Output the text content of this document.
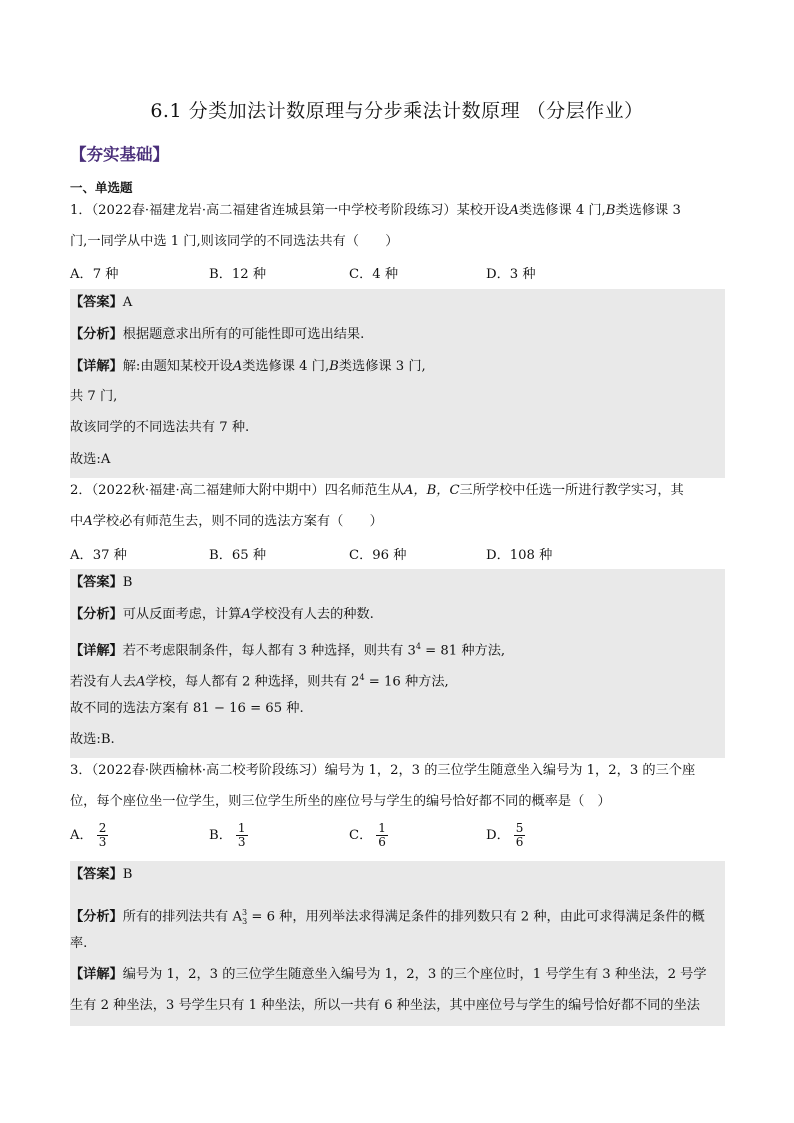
6.1 分类加法计数原理与分步乘法计数原理 （分层作业）
【夯实基础】
一、单选题
1．（2022春·福建龙岩·高二福建省连城县第一中学校考阶段练习）某校开设A类选修课 4 门,B类选修课 3
门,一同学从中选 1 门,则该同学的不同选法共有（　　）
A．7 种	B．12 种	C．4 种	D．3 种
【答案】A
【分析】根据题意求出所有的可能性即可选出结果.
【详解】解:由题知某校开设A类选修课 4 门,B类选修课 3 门,
共 7 门,
故该同学的不同选法共有 7 种.
故选:A
2．（2022秋·福建·高二福建师大附中期中）四名师范生从A，B，C三所学校中任选一所进行教学实习，其
中A学校必有师范生去，则不同的选法方案有（　　）
A．37 种	B．65 种	C．96 种	D．108 种
【答案】B
【分析】可从反面考虑，计算A学校没有人去的种数.
【详解】若不考虑限制条件，每人都有 3 种选择，则共有 $3^4 = 81$ 种方法,
若没有人去A学校，每人都有 2 种选择，则共有 $2^4 = 16$ 种方法,
故不同的选法方案有 81 − 16 = 65 种.
故选:B.
3．（2022春·陕西榆林·高二校考阶段练习）编号为 1，2，3 的三位学生随意坐入编号为 1，2，3 的三个座
位，每个座位坐一位学生，则三位学生所坐的座位号与学生的编号恰好都不同的概率是（　）
A． $\frac{2}{3}$	B． $\frac{1}{3}$	C． $\frac{1}{6}$	D． $\frac{5}{6}$
【答案】B
【分析】所有的排列法共有 $A^3_3 = 6$ 种，用列举法求得满足条件的排列数只有 2 种，由此可求得满足条件的概
率.
【详解】编号为 1，2，3 的三位学生随意坐入编号为 1，2，3 的三个座位时，1 号学生有 3 种坐法，2 号学
生有 2 种坐法，3 号学生只有 1 种坐法，所以一共有 6 种坐法，其中座位号与学生的编号恰好都不同的坐法
